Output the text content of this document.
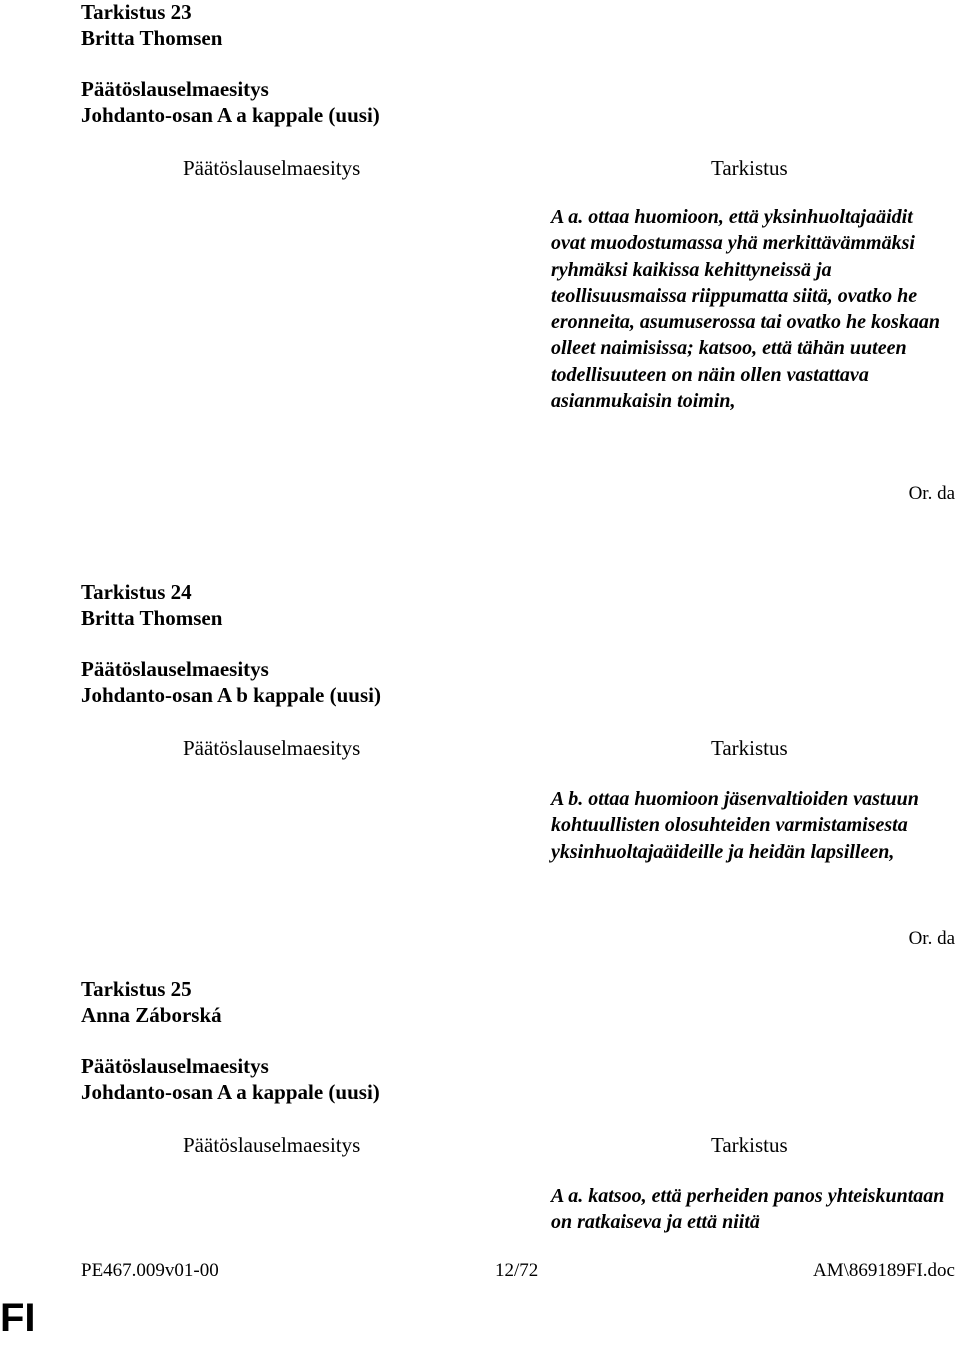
Tarkistus 23
Britta Thomsen
Päätöslauselmaesitys
Johdanto-osan A a kappale (uusi)
Päätöslauselmaesitys	Tarkistus
A a. ottaa huomioon, että yksinhuoltajaäidit ovat muodostumassa yhä merkittävämmäksi ryhmäksi kaikissa kehittyneissä ja teollisuusmaissa riippumatta siitä, ovatko he eronneita, asumuserossa tai ovatko he koskaan olleet naimisissa; katsoo, että tähän uuteen todellisuuteen on näin ollen vastattava asianmukaisin toimin,
Or. da
Tarkistus 24
Britta Thomsen
Päätöslauselmaesitys
Johdanto-osan A b kappale (uusi)
Päätöslauselmaesitys	Tarkistus
A b. ottaa huomioon jäsenvaltioiden vastuun kohtuullisten olosuhteiden varmistamisesta yksinhuoltajaäideille ja heidän lapsilleen,
Or. da
Tarkistus 25
Anna Záborská
Päätöslauselmaesitys
Johdanto-osan A a kappale (uusi)
Päätöslauselmaesitys	Tarkistus
A a. katsoo, että perheiden panos yhteiskuntaan on ratkaiseva ja että niitä
PE467.009v01-00	12/72	AM\869189FI.doc
FI
